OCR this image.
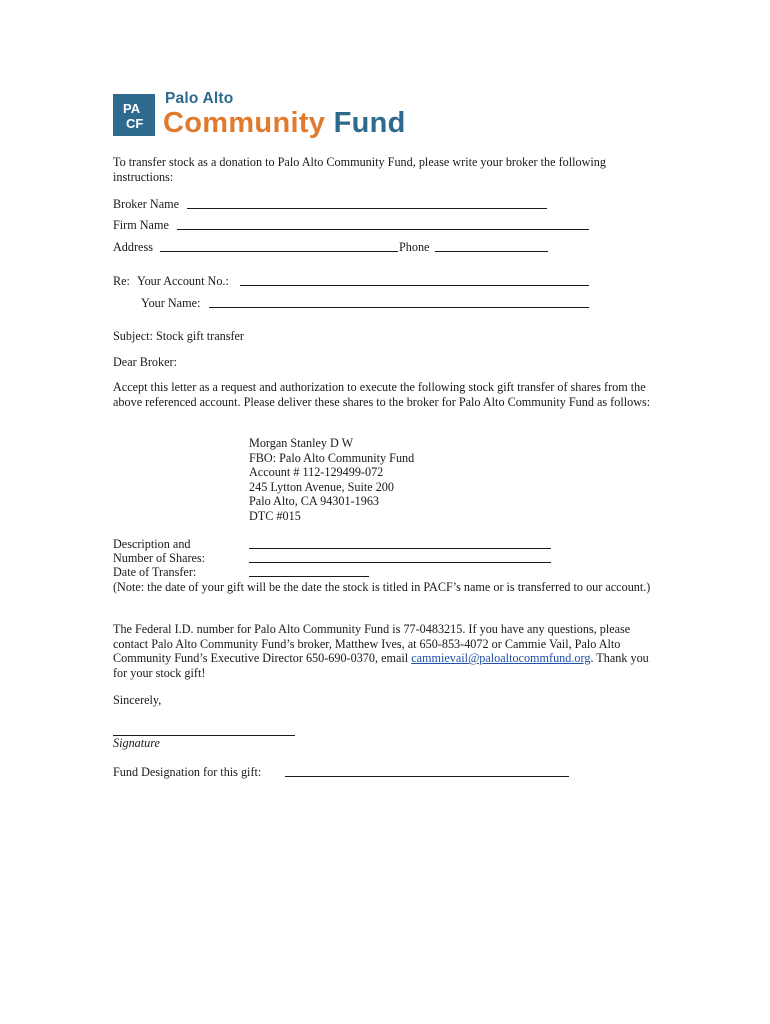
PA
CF
Palo Alto
Community Fund
To transfer stock as a donation to Palo Alto Community Fund, please write your broker the following instructions:
Broker Name
Firm Name
Address	Phone
Re: Your Account No.:
Your Name:
Subject: Stock gift transfer
Dear Broker:
Accept this letter as a request and authorization to execute the following stock gift transfer of shares from the above referenced account. Please deliver these shares to the broker for Palo Alto Community Fund as follows:
Morgan Stanley D W
FBO: Palo Alto Community Fund
Account # 112-129499-072
245 Lytton Avenue, Suite 200
Palo Alto, CA 94301-1963
DTC #015
Description and
Number of Shares:
Date of Transfer:
(Note: the date of your gift will be the date the stock is titled in PACF’s name or is transferred to our account.)
The Federal I.D. number for Palo Alto Community Fund is 77-0483215. If you have any questions, please contact Palo Alto Community Fund’s broker, Matthew Ives, at 650-853-4072 or Cammie Vail, Palo Alto Community Fund’s Executive Director 650-690-0370, email cammievail@paloaltocommfund.org. Thank you for your stock gift!
Sincerely,
Signature
Fund Designation for this gift:
